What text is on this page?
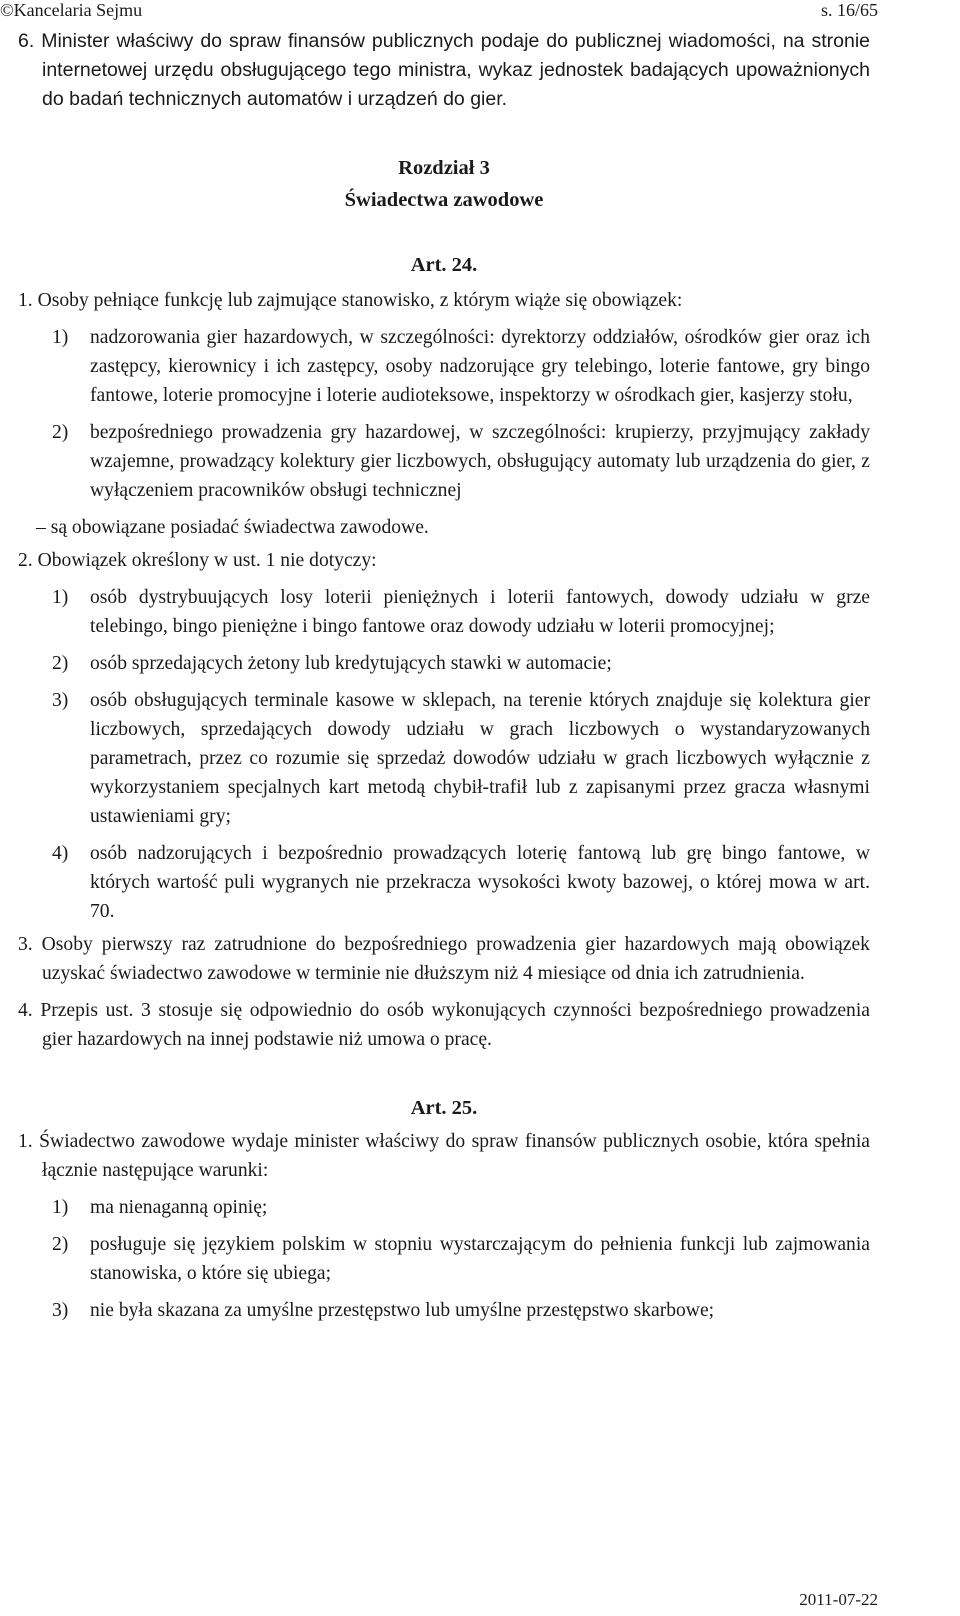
©Kancelaria Sejmu	s. 16/65

6. Minister właściwy do spraw finansów publicznych podaje do publicznej wiadomości, na stronie internetowej urzędu obsługującego tego ministra, wykaz jednostek badających upoważnionych do badań technicznych automatów i urządzeń do gier.

Rozdział 3

Świadectwa zawodowe

Art. 24.

1. Osoby pełniące funkcję lub zajmujące stanowisko, z którym wiąże się obowiązek:

1) nadzorowania gier hazardowych, w szczególności: dyrektorzy oddziałów, ośrodków gier oraz ich zastępcy, kierownicy i ich zastępcy, osoby nadzorujące gry telebingo, loterie fantowe, gry bingo fantowe, loterie promocyjne i loterie audioteksowe, inspektorzy w ośrodkach gier, kasjerzy stołu,
2) bezpośredniego prowadzenia gry hazardowej, w szczególności: krupierzy, przyjmujący zakłady wzajemne, prowadzący kolektury gier liczbowych, obsługujący automaty lub urządzenia do gier, z wyłączeniem pracowników obsługi technicznej

– są obowiązane posiadać świadectwa zawodowe.

2. Obowiązek określony w ust. 1 nie dotyczy:

1) osób dystrybuujących losy loterii pieniężnych i loterii fantowych, dowody udziału w grze telebingo, bingo pieniężne i bingo fantowe oraz dowody udziału w loterii promocyjnej;
2) osób sprzedających żetony lub kredytujących stawki w automacie;
3) osób obsługujących terminale kasowe w sklepach, na terenie których znajduje się kolektura gier liczbowych, sprzedających dowody udziału w grach liczbowych o wystandaryzowanych parametrach, przez co rozumie się sprzedaż dowodów udziału w grach liczbowych wyłącznie z wykorzystaniem specjalnych kart metodą chybił-trafił lub z zapisanymi przez gracza własnymi ustawieniami gry;
4) osób nadzorujących i bezpośrednio prowadzących loterię fantową lub grę bingo fantowe, w których wartość puli wygranych nie przekracza wysokości kwoty bazowej, o której mowa w art. 70.

3. Osoby pierwszy raz zatrudnione do bezpośredniego prowadzenia gier hazardowych mają obowiązek uzyskać świadectwo zawodowe w terminie nie dłuższym niż 4 miesiące od dnia ich zatrudnienia.

4. Przepis ust. 3 stosuje się odpowiednio do osób wykonujących czynności bezpośredniego prowadzenia gier hazardowych na innej podstawie niż umowa o pracę.

Art. 25.

1. Świadectwo zawodowe wydaje minister właściwy do spraw finansów publicznych osobie, która spełnia łącznie następujące warunki:

1) ma nienaganną opinię;
2) posługuje się językiem polskim w stopniu wystarczającym do pełnienia funkcji lub zajmowania stanowiska, o które się ubiega;
3) nie była skazana za umyślne przestępstwo lub umyślne przestępstwo skarbowe;
2011-07-22
